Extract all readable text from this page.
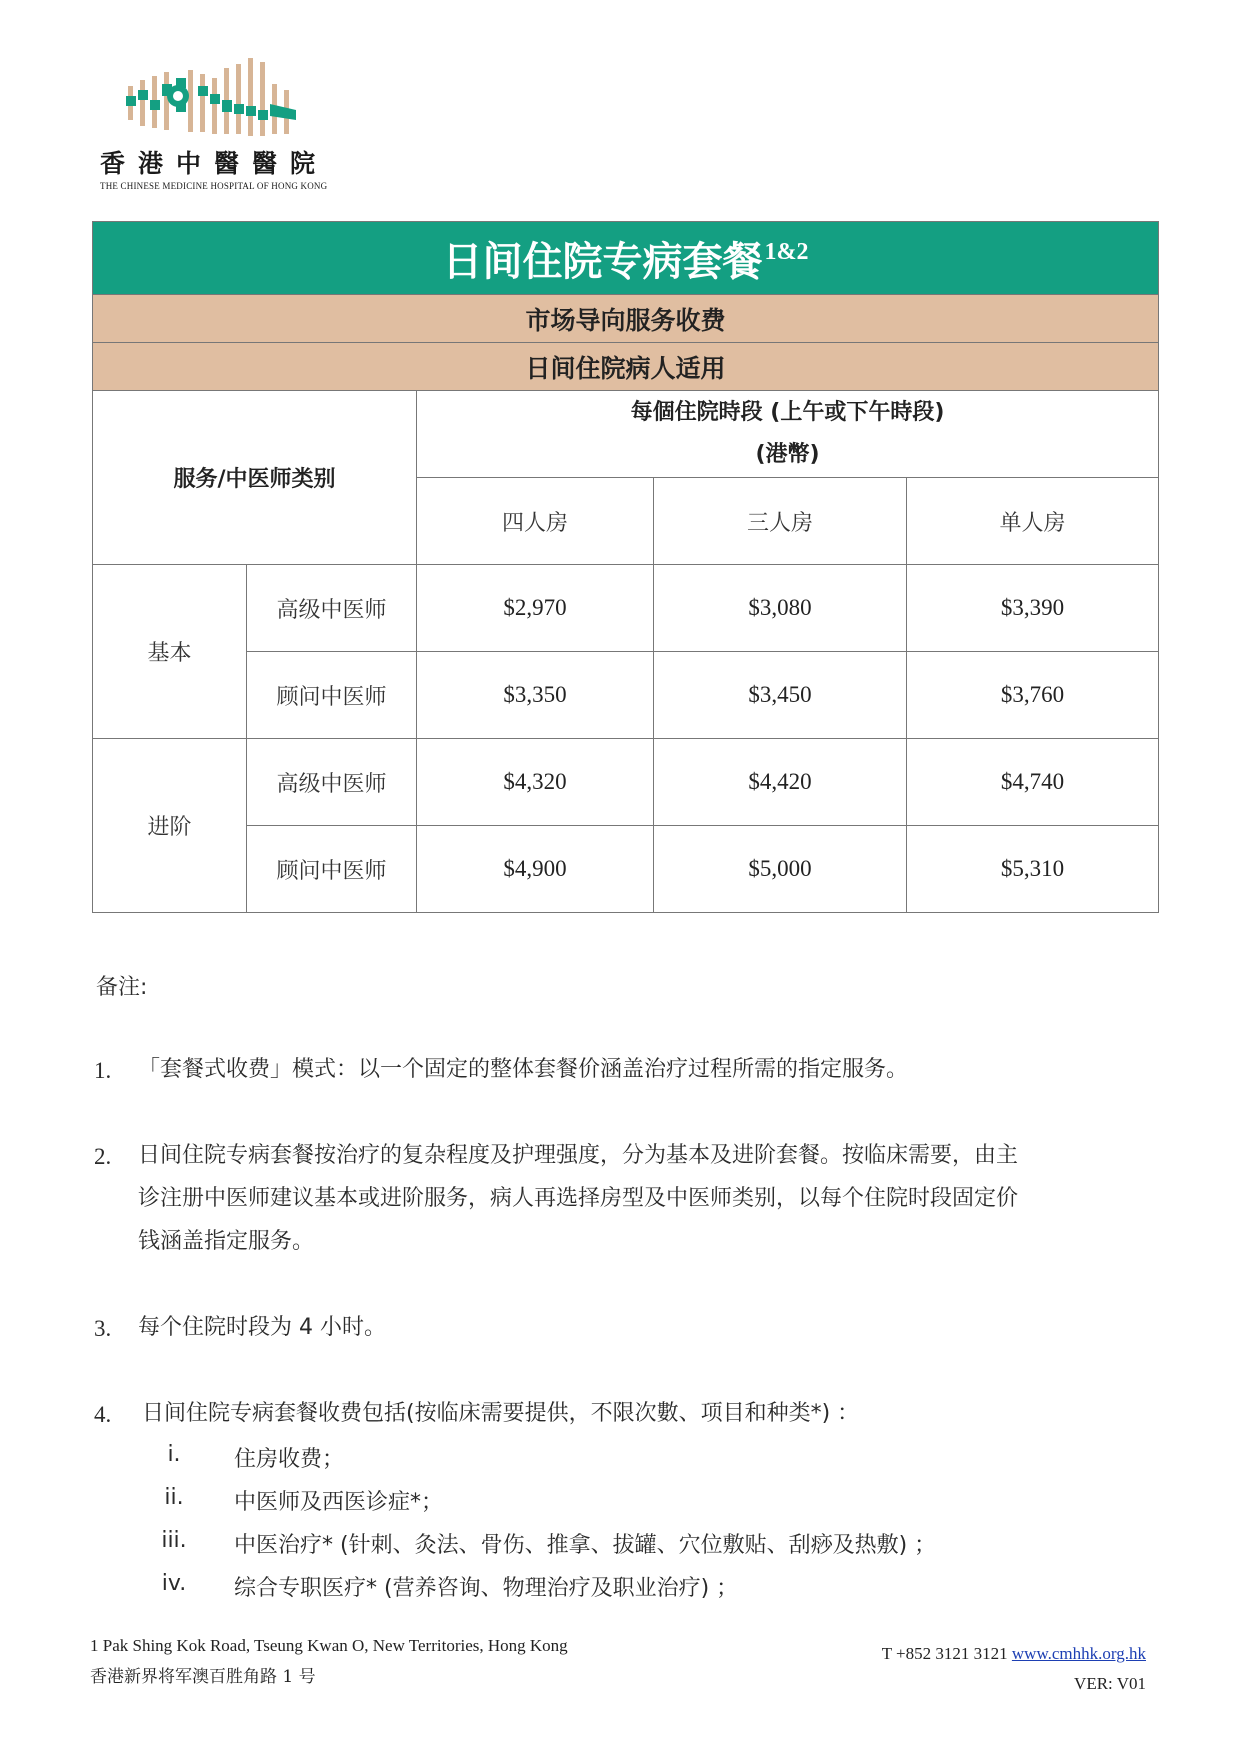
香港中醫醫院
THE CHINESE MEDICINE HOSPITAL OF HONG KONG
日间住院专病套餐$^{1\&2}$
市场导向服务收费				
日间住院病人适用				
服务/中医师类别		每個住院時段 (上午或下午時段)
(港幣)		

		四人房	三人房	单人房
基本	高级中医师	$2,970	$3,080	$3,390
	顾问中医师	$3,350	$3,450	$3,760
进阶	高级中医师	$4,320	$4,420	$4,740
	顾问中医师	$4,900	$5,000	$5,310
备注:
1. 「套餐式收费」模式：以一个固定的整体套餐价涵盖治疗过程所需的指定服务。
2. 日间住院专病套餐按治疗的复杂程度及护理强度，分为基本及进阶套餐。按临床需要，由主
诊注册中医师建议基本或进阶服务，病人再选择房型及中医师类别，以每个住院时段固定价
钱涵盖指定服务。
3. 每个住院时段为 4 小时。
4. 日间住院专病套餐收费包括(按临床需要提供，不限次數、项目和种类*) ：
i.	住房收费；
ii.	中医师及西医诊症*；
iii.	中医治疗* (针刺、灸法、骨伤、推拿、拔罐、穴位敷贴、刮痧及热敷) ；
iv.	综合专职医疗* (营养咨询、物理治疗及职业治疗) ；
1 Pak Shing Kok Road, Tseung Kwan O, New Territories, Hong Kong
香港新界将军澳百胜角路 1 号
T +852 3121 3121 www.cmhhk.org.hk
VER: V01
